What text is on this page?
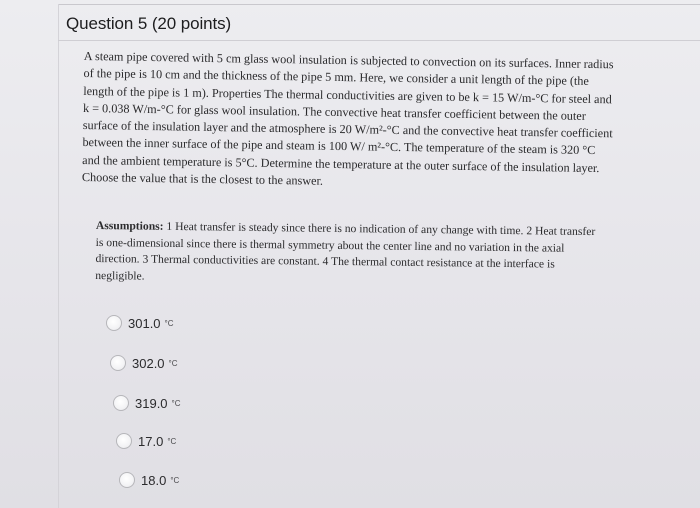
Question 5 (20 points)
A steam pipe covered with 5 cm glass wool insulation is subjected to convection on its surfaces. Inner radius
of the pipe is 10 cm and the thickness of the pipe 5 mm. Here, we consider a unit length of the pipe (the
length of the pipe is 1 m). Properties The thermal conductivities are given to be k = 15 W/m-°C for steel and
k = 0.038 W/m-°C for glass wool insulation. The convective heat transfer coefficient between the outer
surface of the insulation layer and the atmosphere is 20 W/m²-°C and the convective heat transfer coefficient
between the inner surface of the pipe and steam is 100 W/ m²-°C. The temperature of the steam is 320 °C
and the ambient temperature is 5°C. Determine the temperature at the outer surface of the insulation layer.
Choose the value that is the closest to the answer.
Assumptions: 1 Heat transfer is steady since there is no indication of any change with time. 2 Heat transfer
is one-dimensional since there is thermal symmetry about the center line and no variation in the axial
direction. 3 Thermal conductivities are constant. 4 The thermal contact resistance at the interface is
negligible.
301.0 °C
302.0 °C
319.0 °C
17.0 °C
18.0 °C
